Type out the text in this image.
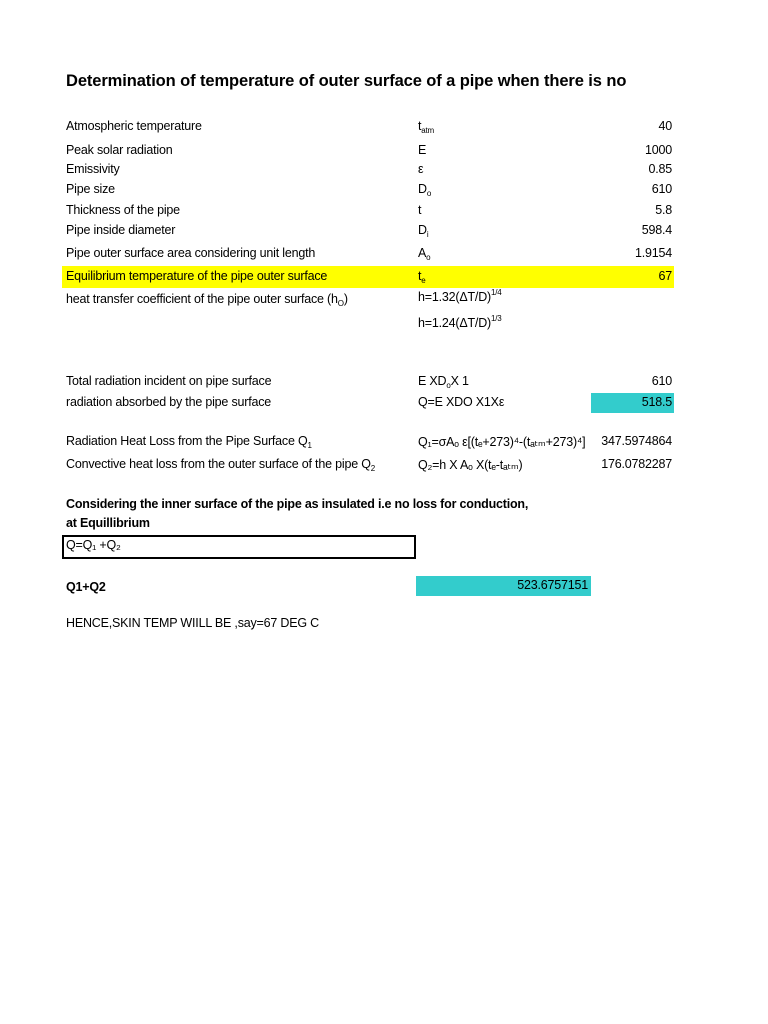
Determination of temperature of outer surface of a pipe when there is no
Atmospheric temperature	$t_{atm}$	40
Peak solar radiation	E	1000
Emissivity	ε	0.85
Pipe size	$D_o$	610
Thickness of the pipe	t	5.8
Pipe inside diameter	$D_i$	598.4
Pipe outer surface area considering unit length	$A_o$	1.9154
Equilibrium temperature of the pipe outer surface	$t_e$	67
heat transfer coefficient of the pipe outer surface $(h_O)$	$h=1.32(\Delta T/D)^{1/4}$
$h=1.24(\Delta T/D)^{1/3}$
Total radiation incident on pipe surface	E $XD_oX$ 1	610
radiation absorbed by the pipe surface	Q=E XDO X1Xε	518.5
Radiation Heat Loss from the Pipe Surface $Q_1$	Q₁=σAₒ ε[(tₑ+273)⁴-(tₐₜₘ+273)⁴]	347.5974864
Convective heat loss from the outer surface of the pipe $Q_2$	Q₂=h X Aₒ X(tₑ-tₐₜₘ)	176.0782287
Considering the inner surface of the pipe as insulated i.e no loss for conduction,
at Equillibrium
Q=Q₁ +Q₂
Q1+Q2	523.6757151
HENCE,SKIN TEMP WIILL BE ,say=67 DEG C
